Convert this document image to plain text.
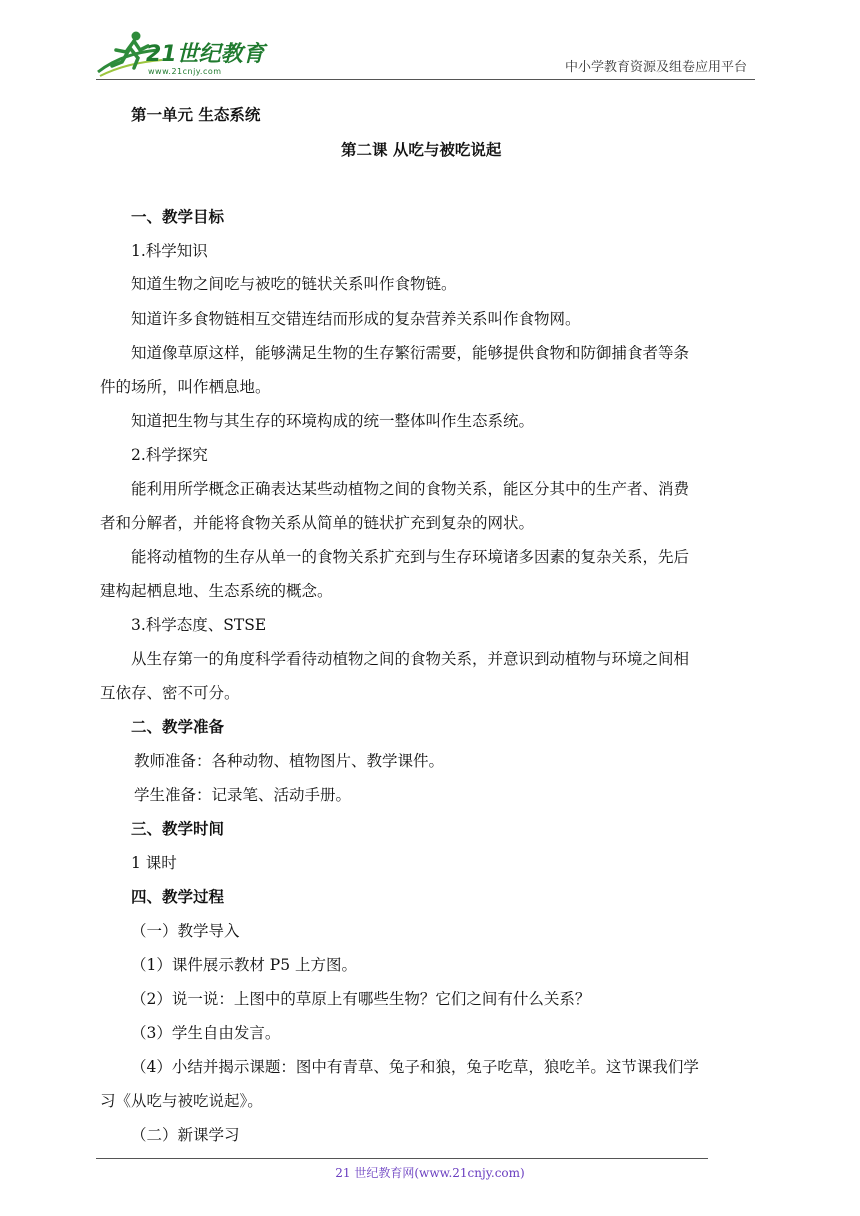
21世纪教育
www.21cnjy.com	中小学教育资源及组卷应用平台
第一单元 生态系统
第二课 从吃与被吃说起
一、教学目标
1.科学知识
知道生物之间吃与被吃的链状关系叫作食物链。
知道许多食物链相互交错连结而形成的复杂营养关系叫作食物网。
知道像草原这样，能够满足生物的生存繁衍需要，能够提供食物和防御捕食者等条
件的场所，叫作栖息地。
知道把生物与其生存的环境构成的统一整体叫作生态系统。
2.科学探究
能利用所学概念正确表达某些动植物之间的食物关系，能区分其中的生产者、消费
者和分解者，并能将食物关系从简单的链状扩充到复杂的网状。
能将动植物的生存从单一的食物关系扩充到与生存环境诸多因素的复杂关系，先后
建构起栖息地、生态系统的概念。
3.科学态度、STSE
从生存第一的角度科学看待动植物之间的食物关系，并意识到动植物与环境之间相
互依存、密不可分。
二、教学准备
教师准备：各种动物、植物图片、教学课件。
学生准备：记录笔、活动手册。
三、教学时间
1 课时
四、教学过程
（一）教学导入
（1）课件展示教材 P5 上方图。
（2）说一说：上图中的草原上有哪些生物？它们之间有什么关系？
（3）学生自由发言。
（4）小结并揭示课题：图中有青草、兔子和狼，兔子吃草，狼吃羊。这节课我们学
习《从吃与被吃说起》。
（二）新课学习
21 世纪教育网(www.21cnjy.com)
